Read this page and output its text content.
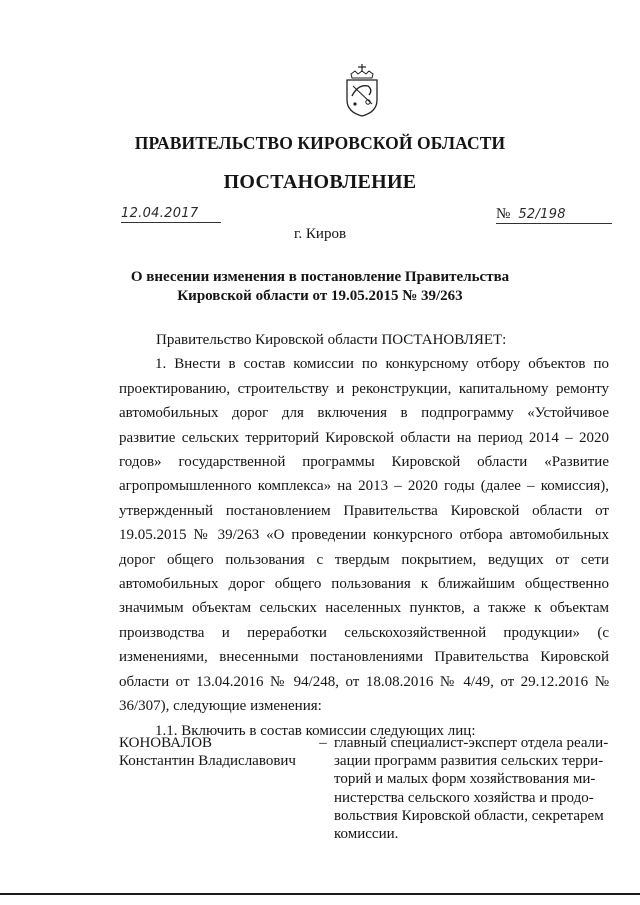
ПРАВИТЕЛЬСТВО КИРОВСКОЙ ОБЛАСТИ
ПОСТАНОВЛЕНИЕ
12.04.2017	№ 52/198
г. Киров
О внесении изменения в постановление Правительства
Кировской области от 19.05.2015 № 39/263

Правительство Кировской области ПОСТАНОВЛЯЕТ:

1. Внести в состав комиссии по конкурсному отбору объектов по проектированию, строительству и реконструкции, капитальному ремонту автомобильных дорог для включения в подпрограмму «Устойчивое развитие сельских территорий Кировской области на период 2014 – 2020 годов» государственной программы Кировской области «Развитие агропромышленного комплекса» на 2013 – 2020 годы (далее – комиссия), утвержденный постановлением Правительства Кировской области от 19.05.2015 № 39/263 «О проведении конкурсного отбора автомобильных дорог общего пользования с твердым покрытием, ведущих от сети автомобильных дорог общего пользования к ближайшим общественно значимым объектам сельских населенных пунктов, а также к объектам производства и переработки сельскохозяйственной продукции» (с изменениями, внесенными постановлениями Правительства Кировской области от 13.04.2016 № 94/248, от 18.08.2016 № 4/49, от 29.12.2016 № 36/307), следующие изменения:

1.1. Включить в состав комиссии следующих лиц:

КОНОВАЛОВ
Константин Владиславович
– главный специалист-эксперт отдела реали-
зации программ развития сельских терри-
торий и малых форм хозяйствования ми-
нистерства сельского хозяйства и продо-
вольствия Кировской области, секретарем
комиссии.
